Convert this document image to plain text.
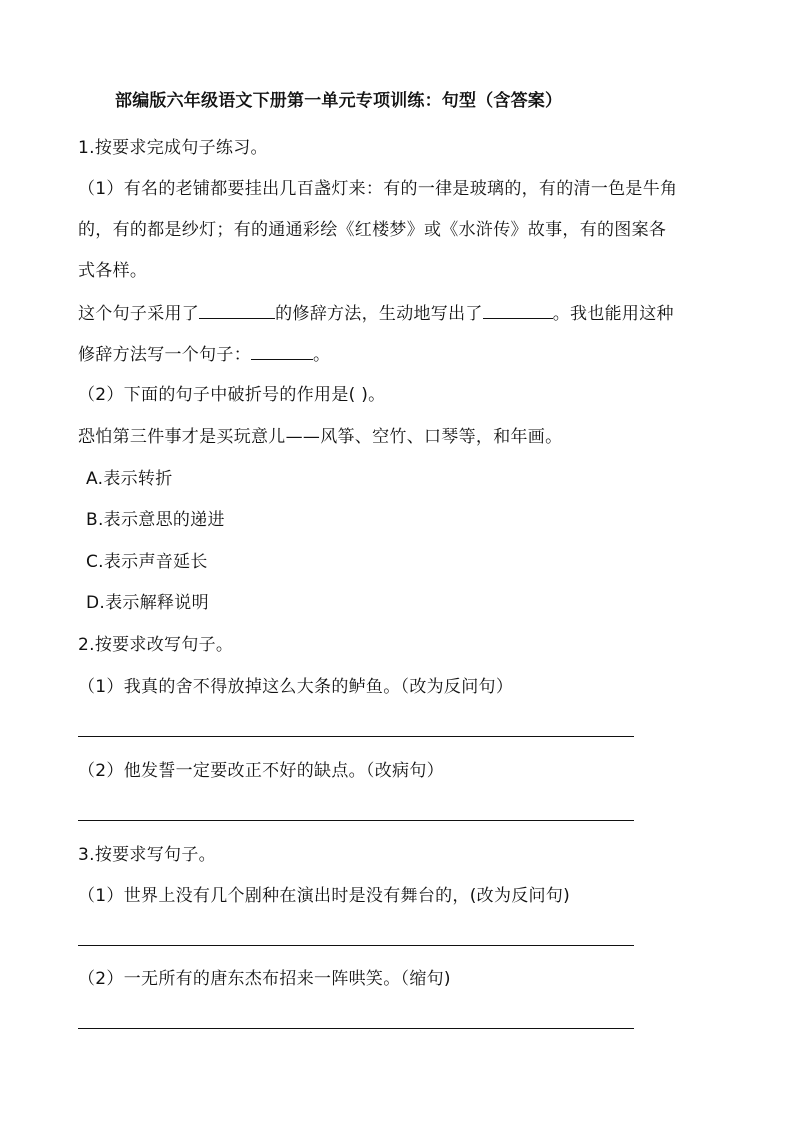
部编版六年级语文下册第一单元专项训练：句型（含答案）
1.按要求完成句子练习。
（1）有名的老铺都要挂出几百盏灯来：有的一律是玻璃的，有的清一色是牛角
的，有的都是纱灯；有的通通彩绘《红楼梦》或《水浒传》故事，有的图案各
式各样。
这个句子采用了	的修辞方法，生动地写出了	。我也能用这种
修辞方法写一个句子：	。
（2）下面的句子中破折号的作用是( )。
恐怕第三件事才是买玩意儿——风筝、空竹、口琴等，和年画。
A.表示转折
B.表示意思的递进
C.表示声音延长
D.表示解释说明
2.按要求改写句子。
（1）我真的舍不得放掉这么大条的鲈鱼。（改为反问句）
（2）他发誓一定要改正不好的缺点。（改病句）
3.按要求写句子。
（1）世界上没有几个剧种在演出时是没有舞台的，(改为反问句)
（2）一无所有的唐东杰布招来一阵哄笑。（缩句)
